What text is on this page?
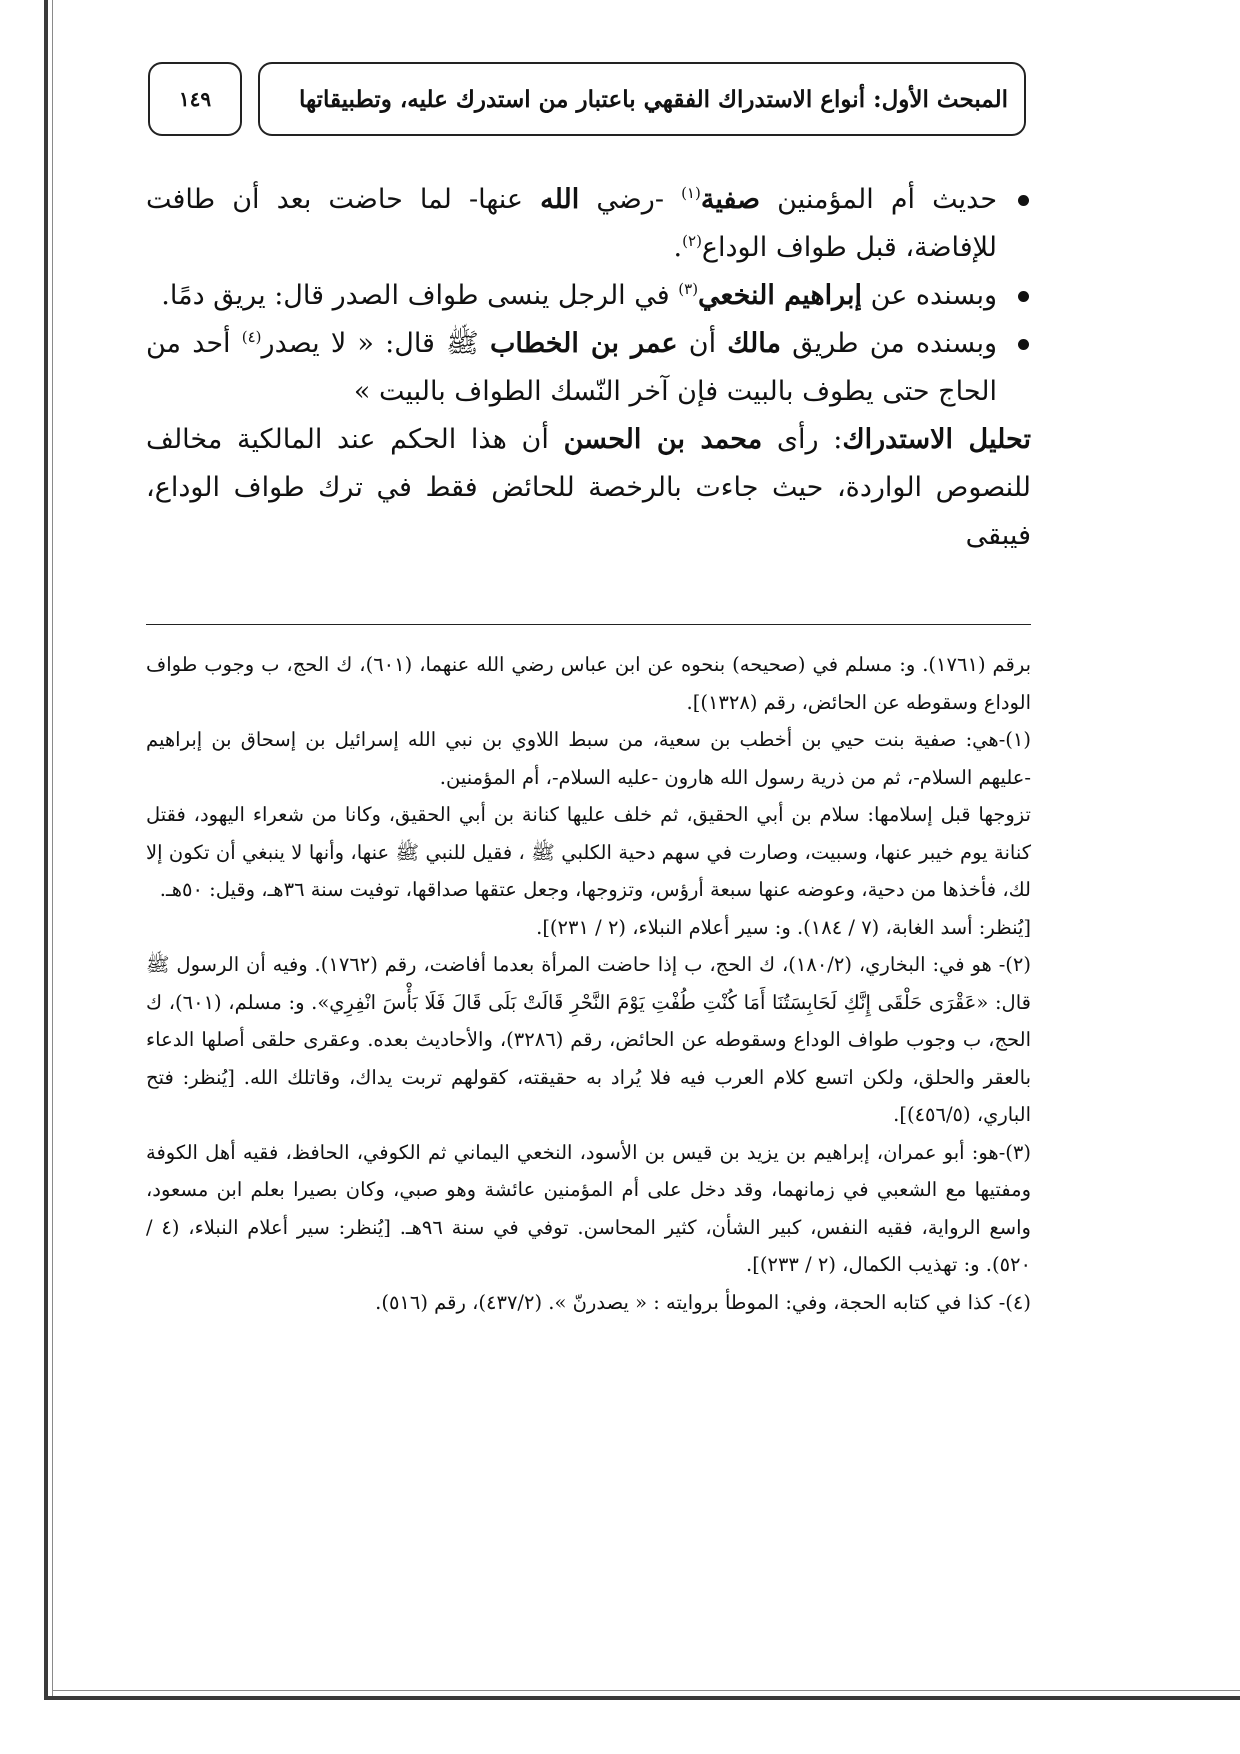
المبحث الأول: أنواع الاستدراك الفقهي باعتبار من استدرك عليه، وتطبيقاتها
١٤٩
حديث أم المؤمنين صفية$^{(١)}$ -رضي الله عنها- لما حاضت بعد أن طافت للإفاضة، قبل طواف الوداع$^{(٢)}$.
وبسنده عن إبراهيم النخعي$^{(٣)}$ في الرجل ينسى طواف الصدر قال: يريق دمًا.
وبسنده من طريق مالك أن عمر بن الخطاب ﷺ قال: « لا يصدر$^{(٤)}$ أحد من الحاج حتى يطوف بالبيت فإن آخر النّسك الطواف بالبيت »

تحليل الاستدراك: رأى محمد بن الحسن أن هذا الحكم عند المالكية مخالف للنصوص الواردة، حيث جاءت بالرخصة للحائض فقط في ترك طواف الوداع، فيبقى

برقم (١٧٦١). و: مسلم في (صحيحه) بنحوه عن ابن عباس رضي الله عنهما، (٦٠١)، ك الحج، ب وجوب طواف الوداع وسقوطه عن الحائض، رقم (١٣٢٨)].

(١)-هي: صفية بنت حيي بن أخطب بن سعية، من سبط اللاوي بن نبي الله إسرائيل بن إسحاق بن إبراهيم -عليهم السلام-، ثم من ذرية رسول الله هارون -عليه السلام-، أم المؤمنين.

تزوجها قبل إسلامها: سلام بن أبي الحقيق، ثم خلف عليها كنانة بن أبي الحقيق، وكانا من شعراء اليهود، فقتل كنانة يوم خيبر عنها، وسبيت، وصارت في سهم دحية الكلبي ﷺ ، فقيل للنبي ﷺ عنها، وأنها لا ينبغي أن تكون إلا لك، فأخذها من دحية، وعوضه عنها سبعة أرؤس، وتزوجها، وجعل عتقها صداقها، توفيت سنة ٣٦هـ، وقيل: ٥٠هـ.

[يُنظر: أسد الغابة، (٧ / ١٨٤). و: سير أعلام النبلاء، (٢ / ٢٣١)].

(٢)- هو في: البخاري، (١٨٠/٢)، ك الحج، ب إذا حاضت المرأة بعدما أفاضت، رقم (١٧٦٢). وفيه أن الرسول ﷺ قال: «عَقْرَى حَلْقَى إِنَّكِ لَحَابِسَتُنَا أَمَا كُنْتِ طُفْتِ يَوْمَ النَّحْرِ قَالَتْ بَلَى قَالَ فَلَا بَأْسَ انْفِرِي». و: مسلم، (٦٠١)، ك الحج، ب وجوب طواف الوداع وسقوطه عن الحائض، رقم (٣٢٨٦)، والأحاديث بعده. وعقرى حلقى أصلها الدعاء بالعقر والحلق، ولكن اتسع كلام العرب فيه فلا يُراد به حقيقته، كقولهم تربت يداك، وقاتلك الله. [يُنظر: فتح الباري، (٤٥٦/٥)].

(٣)-هو: أبو عمران، إبراهيم بن يزيد بن قيس بن الأسود، النخعي اليماني ثم الكوفي، الحافظ، فقيه أهل الكوفة ومفتيها مع الشعبي في زمانهما، وقد دخل على أم المؤمنين عائشة وهو صبي، وكان بصيرا بعلم ابن مسعود، واسع الرواية، فقيه النفس، كبير الشأن، كثير المحاسن. توفي في سنة ٩٦هـ. [يُنظر: سير أعلام النبلاء، (٤ / ٥٢٠). و: تهذيب الكمال، (٢ / ٢٣٣)].

(٤)- كذا في كتابه الحجة، وفي: الموطأ بروايته : « يصدرنّ ». (٤٣٧/٢)، رقم (٥١٦).
